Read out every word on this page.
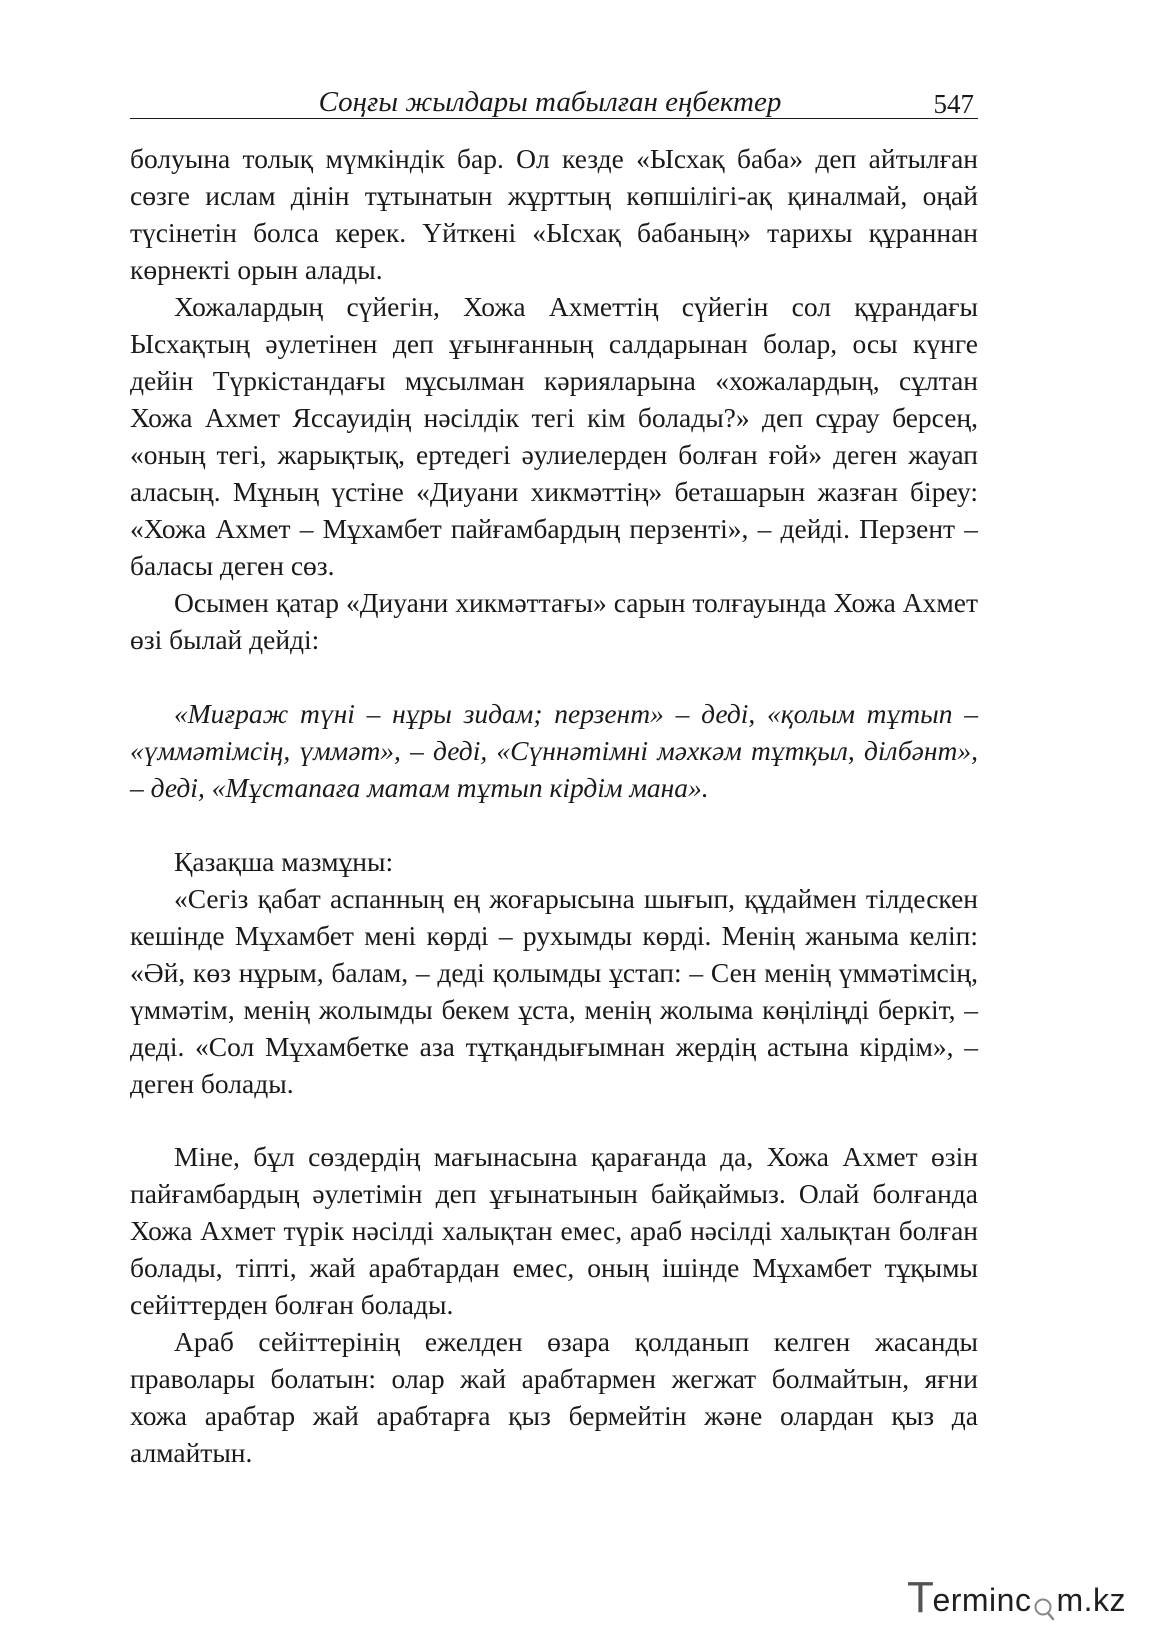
Соңғы жылдары табылған еңбектер	547

болуына толық мүмкіндік бар. Ол кезде «Ысхақ баба» деп айтылған сөзге ислам дінін тұтынатын жұрттың көпшілігі-ақ қиналмай, оңай түсінетін болса керек. Үйткені «Ысхақ бабаның» тарихы құраннан көрнекті орын алады.

Хожалардың сүйегін, Хожа Ахметтің сүйегін сол құрандағы Ысхақтың әулетінен деп ұғынғанның салдарынан болар, осы күнге дейін Түркістандағы мұсылман кәрияларына «хожалардың, сұлтан Хожа Ахмет Яссауидің нәсілдік тегі кім болады?» деп сұрау берсең, «оның тегі, жарықтық, ертедегі әулиелерден болған ғой» деген жауап аласың. Мұның үстіне «Диуани хикмәттің» беташарын жазған біреу: «Хожа Ахмет – Мұхамбет пайғамбардың перзенті», – дейді. Перзент – баласы деген сөз.

Осымен қатар «Диуани хикмәттағы» сарын толғауында Хожа Ахмет өзі былай дейді:

«Миғраж түні – нұры зидам; перзент» – деді, «қолым тұтып – «үммәтімсің, үммәт», – деді, «Сүннәтімні мәхкәм тұтқыл, ділбәнт», – деді, «Мұстапаға матам тұтып кірдім мана».

Қазақша мазмұны:

«Сегіз қабат аспанның ең жоғарысына шығып, құдаймен тілдескен кешінде Мұхамбет мені көрді – рухымды көрді. Менің жаныма келіп: «Әй, көз нұрым, балам, – деді қолымды ұстап: – Сен менің үммәтімсің, үммәтім, менің жолымды бекем ұста, менің жолыма көңіліңді беркіт, – деді. «Сол Мұхамбетке аза тұтқандығымнан жердің астына кірдім», – деген болады.

Міне, бұл сөздердің мағынасына қарағанда да, Хожа Ахмет өзін пайғамбардың әулетімін деп ұғынатынын байқаймыз. Олай болғанда Хожа Ахмет түрік нәсілді халықтан емес, араб нәсілді халықтан болған болады, тіпті, жай арабтардан емес, оның ішінде Мұхамбет тұқымы сейіттерден болған болады.

Араб сейіттерінің ежелден өзара қолданып келген жасанды праволары болатын: олар жай арабтармен жегжат болмайтын, яғни хожа арабтар жай арабтарға қыз бермейтін және олардан қыз да алмайтын.

T
erminc m.kz
